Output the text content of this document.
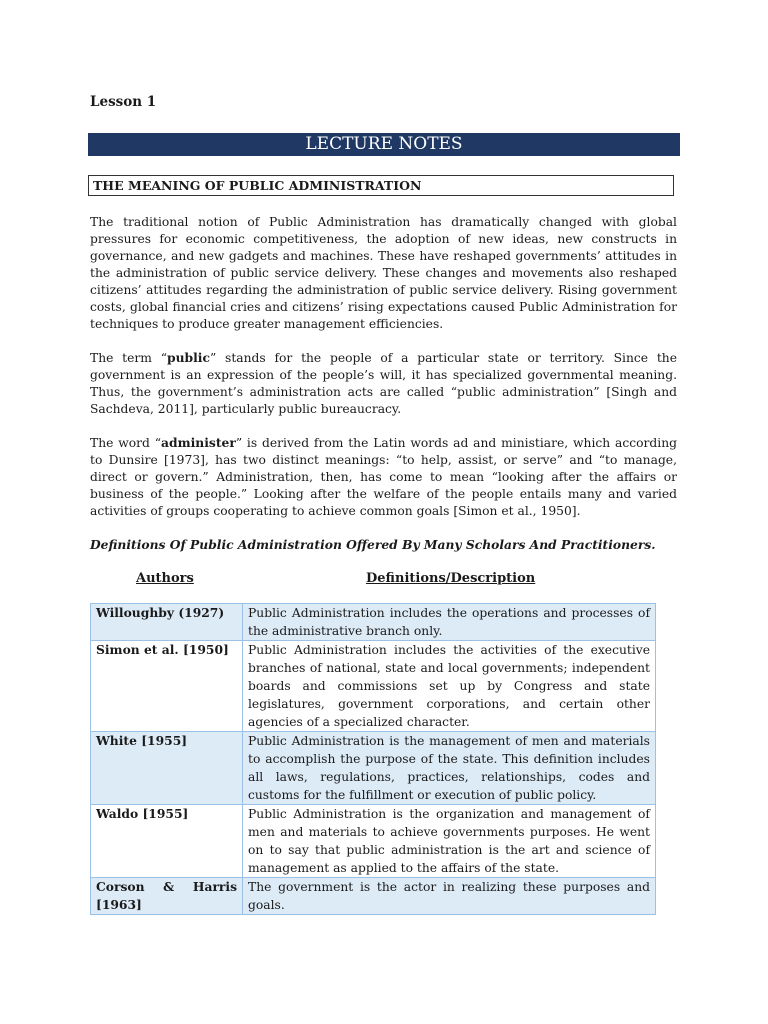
Lesson 1
LECTURE NOTES
THE MEANING OF PUBLIC ADMINISTRATION

The traditional notion of Public Administration has dramatically changed with global pressures for economic competitiveness, the adoption of new ideas, new constructs in governance, and new gadgets and machines. These have reshaped governments’ attitudes in the administration of public service delivery. These changes and movements also reshaped citizens’ attitudes regarding the administration of public service delivery. Rising government costs, global financial cries and citizens’ rising expectations caused Public Administration for techniques to produce greater management efficiencies.

The term “public” stands for the people of a particular state or territory. Since the government is an expression of the people’s will, it has specialized governmental meaning. Thus, the government’s administration acts are called “public administration” [Singh and Sachdeva, 2011], particularly public bureaucracy.

The word “administer” is derived from the Latin words ad and ministiare, which according to Dunsire [1973], has two distinct meanings: “to help, assist, or serve” and “to manage, direct or govern.” Administration, then, has come to mean “looking after the affairs or business of the people.” Looking after the welfare of the people entails many and varied activities of groups cooperating to achieve common goals [Simon et al., 1950].

Definitions Of Public Administration Offered By Many Scholars And Practitioners.
Authors	Definitions/Description
Willoughby (1927)	Public Administration includes the operations and processes of the administrative branch only.
Simon et al. [1950]	Public Administration includes the activities of the executive branches of national, state and local governments; independent boards and commissions set up by Congress and state legislatures, government corporations, and certain other agencies of a specialized character.
White [1955]	Public Administration is the management of men and materials to accomplish the purpose of the state. This definition includes all laws, regulations, practices, relationships, codes and customs for the fulfillment or execution of public policy.
Waldo [1955]	Public Administration is the organization and management of men and materials to achieve governments purposes. He went on to say that public administration is the art and science of management as applied to the affairs of the state.
Corson & Harris [1963]	The government is the actor in realizing these purposes and goals.
